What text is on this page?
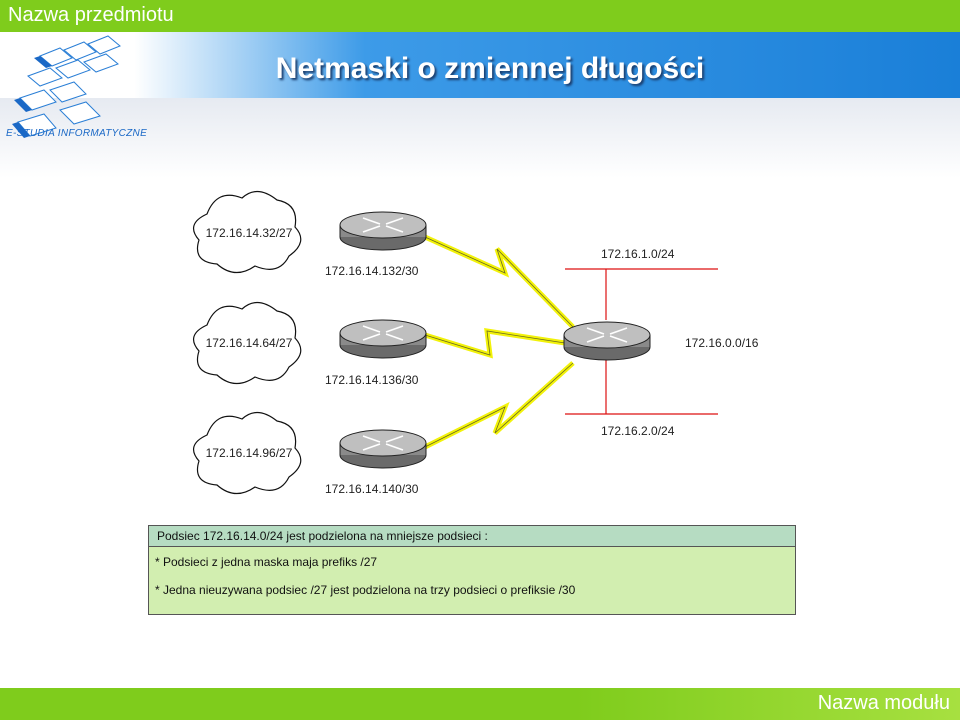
Nazwa przedmiotu
E-STUDIA INFORMATYCZNE
Netmaski o zmiennej długości
172.16.14.32/27
172.16.14.64/27
172.16.14.96/27
172.16.14.132/30
172.16.14.136/30
172.16.14.140/30
172.16.1.0/24
172.16.2.0/24
172.16.0.0/16
Podsiec 172.16.14.0/24 jest podzielona na mniejsze podsieci :
* Podsieci z jedna maska maja prefiks /27
* Jedna nieuzywana podsiec /27 jest podzielona na trzy podsieci o prefiksie /30
Nazwa modułu
